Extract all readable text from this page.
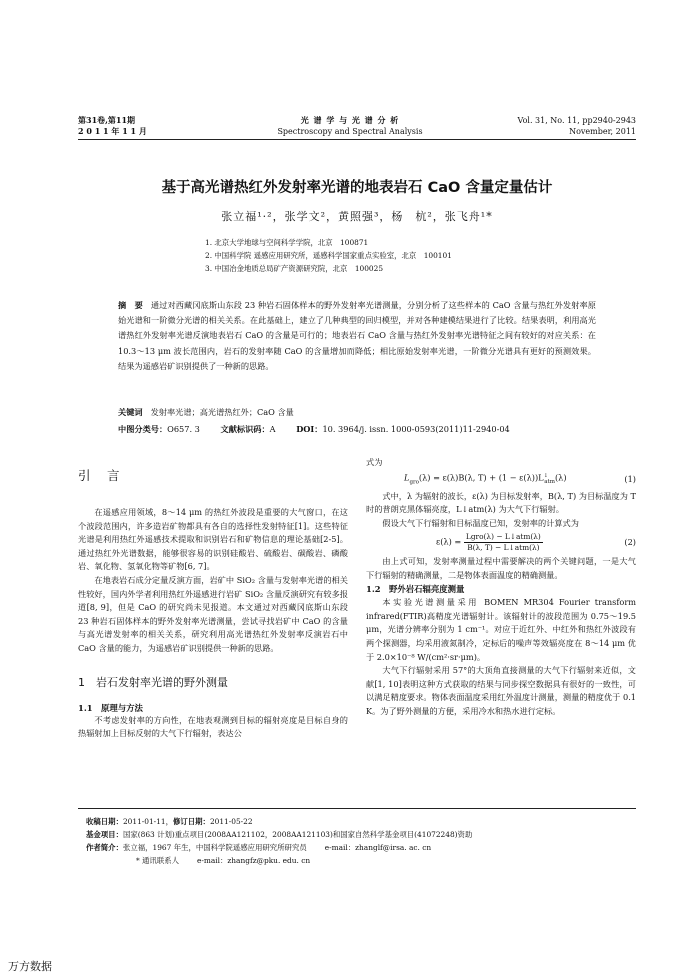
第31卷,第11期
2 0 1 1 年 1 1 月
光 谱 学 与 光 谱 分 析
Spectroscopy and Spectral Analysis
Vol. 31, No. 11, pp2940-2943
November, 2011
基于高光谱热红外发射率光谱的地表岩石 CaO 含量定量估计
张立福¹·²，张学文²，黄照强³，杨　杭²，张飞舟¹*
1. 北京大学地球与空间科学学院，北京　100871
2. 中国科学院 遥感应用研究所，遥感科学国家重点实验室，北京　100101
3. 中国冶金地质总局矿产资源研究院，北京　100025
摘　要 通过对西藏冈底斯山东段 23 种岩石固体样本的野外发射率光谱测量，分别分析了这些样本的 CaO 含量与热红外发射率原始光谱和一阶微分光谱的相关关系。在此基础上，建立了几种典型的回归模型，并对各种建模结果进行了比较。结果表明，利用高光谱热红外发射率光谱反演地表岩石 CaO 的含量是可行的；地表岩石 CaO 含量与热红外发射率光谱特征之间有较好的对应关系：在 10.3～13 μm 波长范围内，岩石的发射率随 CaO 的含量增加而降低；相比原始发射率光谱，一阶微分光谱具有更好的预测效果。结果为遥感岩矿识别提供了一种新的思路。
关键词 发射率光谱；高光谱热红外；CaO 含量
中图分类号：O657. 3	文献标识码：A	DOI：10. 3964/j. issn. 1000-0593(2011)11-2940-04
引　言

在遥感应用领域，8～14 μm 的热红外波段是重要的大气窗口，在这个波段范围内，许多造岩矿物都具有各自的选择性发射特征[1]。这些特征光谱是利用热红外遥感技术提取和识别岩石和矿物信息的理论基础[2-5]。通过热红外光谱数据，能够很容易的识别硅酸岩、硫酸岩、碳酸岩、磷酸岩、氧化物、氢氧化物等矿物[6, 7]。

在地表岩石成分定量反演方面，岩矿中 SiO₂ 含量与发射率光谱的相关性较好，国内外学者利用热红外遥感进行岩矿 SiO₂ 含量反演研究有较多报道[8, 9]，但是 CaO 的研究尚未见报道。本文通过对西藏冈底斯山东段 23 种岩石固体样本的野外发射率光谱测量，尝试寻找岩矿中 CaO 的含量与高光谱发射率的相关关系，研究利用高光谱热红外发射率反演岩石中 CaO 含量的能力，为遥感岩矿识别提供一种新的思路。

1　岩石发射率光谱的野外测量
1.1　原理与方法

不考虑发射率的方向性，在地表观测到目标的辐射亮度是目标自身的热辐射加上目标反射的大气下行辐射，表达公

式为

$L_{gro}(\lambda) = \varepsilon(\lambda)B(\lambda$, $T) + (1 - \varepsilon(\lambda))L^↓_{atm}(\lambda)$	(1)

式中，λ 为辐射的波长，ε(λ) 为目标发射率，B(λ, T) 为目标温度为 T 时的普朗克黑体辐亮度，L↓atm(λ) 为大气下行辐射。

假设大气下行辐射和目标温度已知，发射率的计算式为

$\varepsilon(\lambda) = \frac{\text{Lgro(λ) − L↓atm(λ)}}{\text{B(λ, T) − L↓atm(λ)}}$	(2)

由上式可知，发射率测量过程中需要解决的两个关键问题，一是大气下行辐射的精确测量，二是物体表面温度的精确测量。

1.2　野外岩石辐亮度测量

本实验光谱测量采用 BOMEN MR304 Fourier transform infrared(FTIR)高精度光谱辐射计。该辐射计的波段范围为 0.75～19.5 μm，光谱分辨率分别为 1 cm⁻¹。对应于近红外、中红外和热红外波段有两个探测器，均采用液氮制冷，定标后的噪声等效辐亮度在 8～14 μm 优于 2.0×10⁻⁸ W/(cm²·sr·μm)。

大气下行辐射采用 57°的大顶角直接测量的大气下行辐射来近似，文献[1, 10]表明这种方式获取的结果与同步探空数据具有很好的一致性，可以满足精度要求。物体表面温度采用红外温度计测量，测量的精度优于 0.1 K。为了野外测量的方便，采用冷水和热水进行定标。

收稿日期：2011-01-11，修订日期：2011-05-22
基金项目：国家(863 计划)重点项目(2008AA121102，2008AA121103)和国家自然科学基金项目(41072248)资助
作者简介：张立福，1967 年生，中国科学院遥感应用研究所研究员 e-mail：zhanglf@irsa. ac. cn
* 通讯联系人 e-mail：zhangfz@pku. edu. cn
万方数据
